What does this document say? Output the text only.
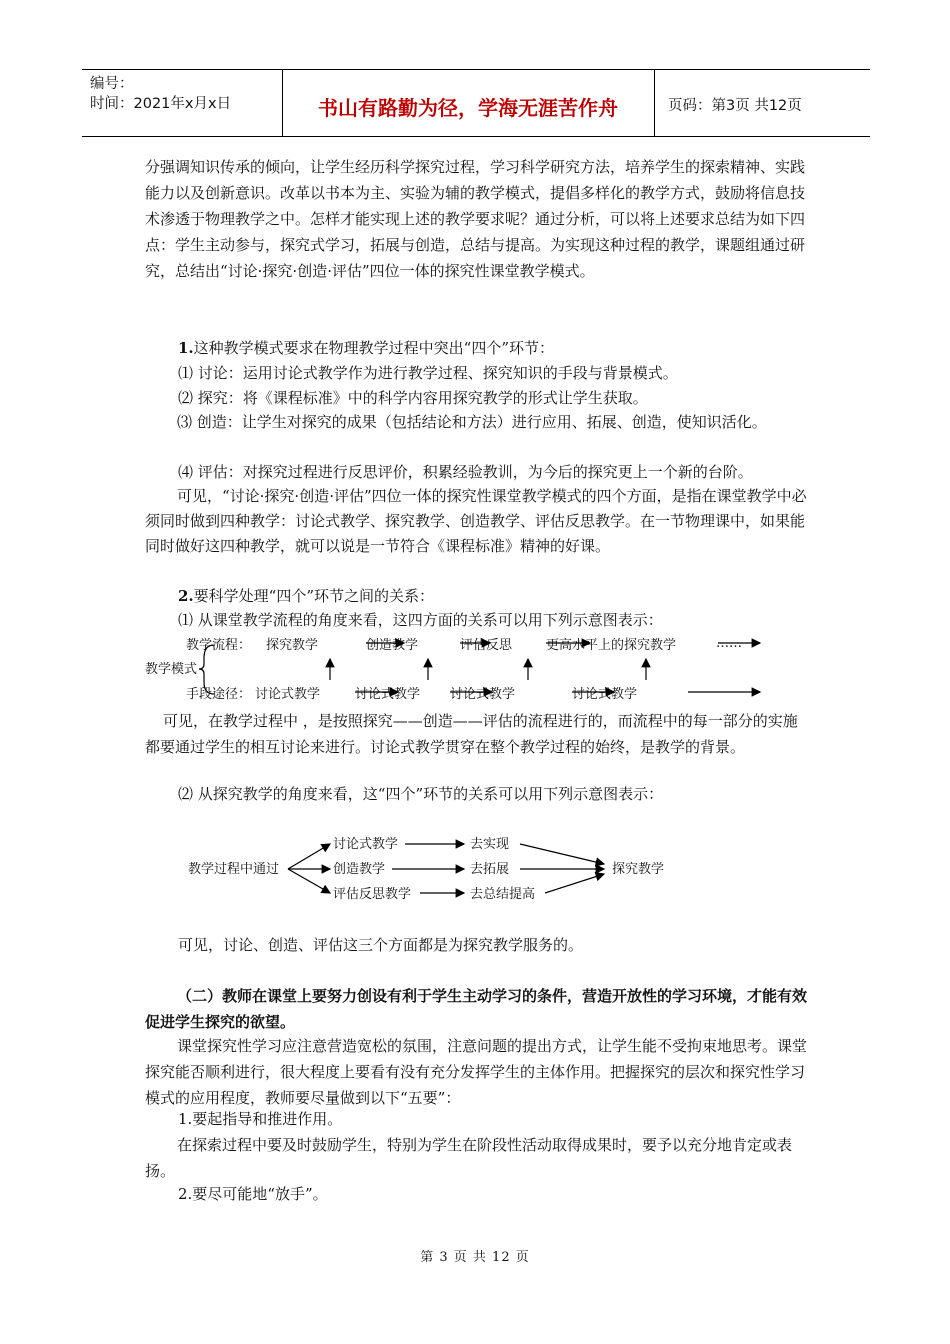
编号：
时间：2021年x月x日	书山有路勤为径，学海无涯苦作舟	页码：第3页 共12页

分强调知识传承的倾向，让学生经历科学探究过程，学习科学研究方法，培养学生的探索精神、实践能力以及创新意识。改革以书本为主、实验为辅的教学模式，提倡多样化的教学方式，鼓励将信息技术渗透于物理教学之中。怎样才能实现上述的教学要求呢？通过分析，可以将上述要求总结为如下四点：学生主动参与，探究式学习，拓展与创造，总结与提高。为实现这种过程的教学，课题组通过研究，总结出“讨论·探究·创造·评估”四位一体的探究性课堂教学模式。

1.这种教学模式要求在物理教学过程中突出“四个”环节：
⑴ 讨论：运用讨论式教学作为进行教学过程、探究知识的手段与背景模式。
⑵ 探究：将《课程标准》中的科学内容用探究教学的形式让学生获取。

⑶ 创造：让学生对探究的成果（包括结论和方法）进行应用、拓展、创造，使知识活化。

⑷ 评估：对探究过程进行反思评价，积累经验教训，为今后的探究更上一个新的台阶。

可见，“讨论·探究·创造·评估”四位一体的探究性课堂教学模式的四个方面，是指在课堂教学中必须同时做到四种教学：讨论式教学、探究教学、创造教学、评估反思教学。在一节物理课中，如果能同时做好这四种教学，就可以说是一节符合《课程标准》精神的好课。

2.要科学处理“四个”环节之间的关系：
⑴ 从课堂教学流程的角度来看，这四方面的关系可以用下列示意图表示：
教学流程： 探究教学	创造教学	评估反思	更高水平上的探究教学	……
教学模式
手段途径： 讨论式教学	讨论式教学 讨论式教学	讨论式教学

可见，在教学过程中 ，是按照探究——创造——评估的流程进行的，而流程中的每一部分的实施都要通过学生的相互讨论来进行。讨论式教学贯穿在整个教学过程的始终，是教学的背景。

⑵ 从探究教学的角度来看，这“四个”环节的关系可以用下列示意图表示：
教学过程中通过
讨论式教学
创造教学
评估反思教学
去实现
去拓展
去总结提高
探究教学
可见，讨论、创造、评估这三个方面都是为探究教学服务的。

（二）教师在课堂上要努力创设有利于学生主动学习的条件，营造开放性的学习环境，才能有效促进学生探究的欲望。

课堂探究性学习应注意营造宽松的氛围，注意问题的提出方式，让学生能不受拘束地思考。课堂探究能否顺利进行，很大程度上要看有没有充分发挥学生的主体作用。把握探究的层次和探究性学习模式的应用程度，教师要尽量做到以下“五要”：

1.要起指导和推进作用。

在探索过程中要及时鼓励学生，特别为学生在阶段性活动取得成果时，要予以充分地肯定或表扬。

2.要尽可能地“放手”。
第 3 页 共 12 页
